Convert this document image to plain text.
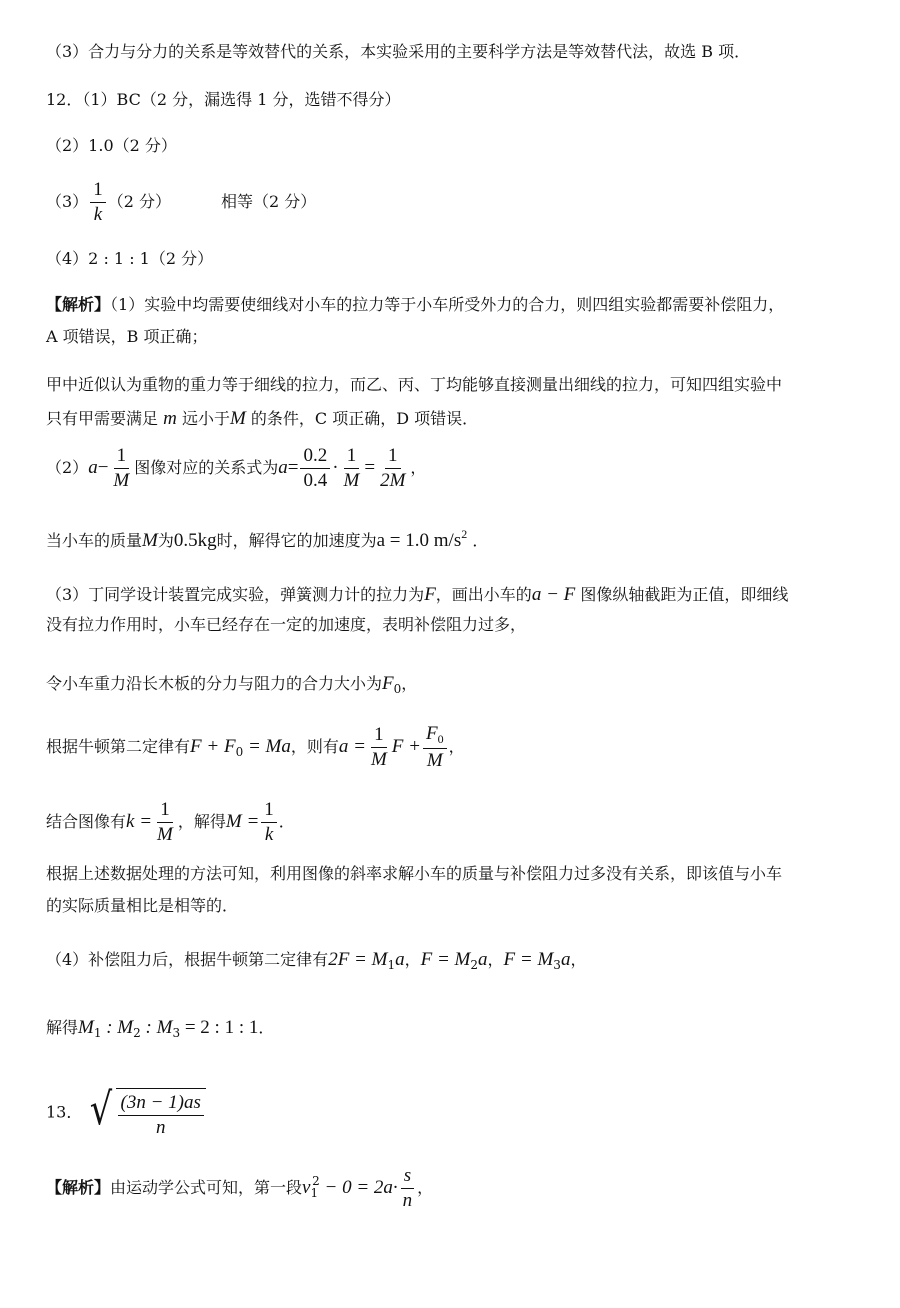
（3）合力与分力的关系是等效替代的关系，本实验采用的主要科学方法是等效替代法，故选 B 项．
12．（1）BC（2 分，漏选得 1 分，选错不得分）
（2）1.0（2 分）
$(3) \frac{1}{k} (2$ 分）	相等（2 分）
（4）2 : 1 : 1（2 分）
【解析】（1）实验中均需要使细线对小车的拉力等于小车所受外力的合力，则四组实验都需要补偿阻力，
A 项错误，B 项正确；
甲中近似认为重物的重力等于细线的拉力，而乙、丙、丁均能够直接测量出细线的拉力，可知四组实验中
只有甲需要满足 m 远小于M 的条件，C 项正确，D 项错误．
$(2)a- \frac{1}{M}$ 图像对应的关系式为$a= \frac{0.2}{0.4} \cdot \frac{1}{M} = \frac{1}{2M}$ ，
当小车的质量M为0.5kg时，解得它的加速度为a = 1.0 $m/s^2$ ．
（3）丁同学设计装置完成实验，弹簧测力计的拉力为F，画出小车的a − F 图像纵轴截距为正值，即细线
没有拉力作用时，小车已经存在一定的加速度，表明补偿阻力过多，
令小车重力沿长木板的分力与阻力的合力大小为$F_0$，
根据牛顿第二定律有$F + F_0 = Ma$，则有$a = \frac{1}{M}$ $F + \frac{F_0}{M}$ ，
结合图像有$k = \frac{1}{M}$ ，解得$M = \frac{1}{k}$ ．
根据上述数据处理的方法可知，利用图像的斜率求解小车的质量与补偿阻力过多没有关系，即该值与小车
的实际质量相比是相等的．
（4）补偿阻力后，根据牛顿第二定律有$2F = M_1a$，$F = M_2a$，$F = M_3a$，
解得$M_1$ : $M_2$ : $M_3 = 2$ : 1 : 1．
13． √ $\frac{(3n - 1)as}{n}$
【解析】由运动学公式可知，第一段$v_1^2 - 0 = 2a\cdot \frac{s}{n}$ ，
